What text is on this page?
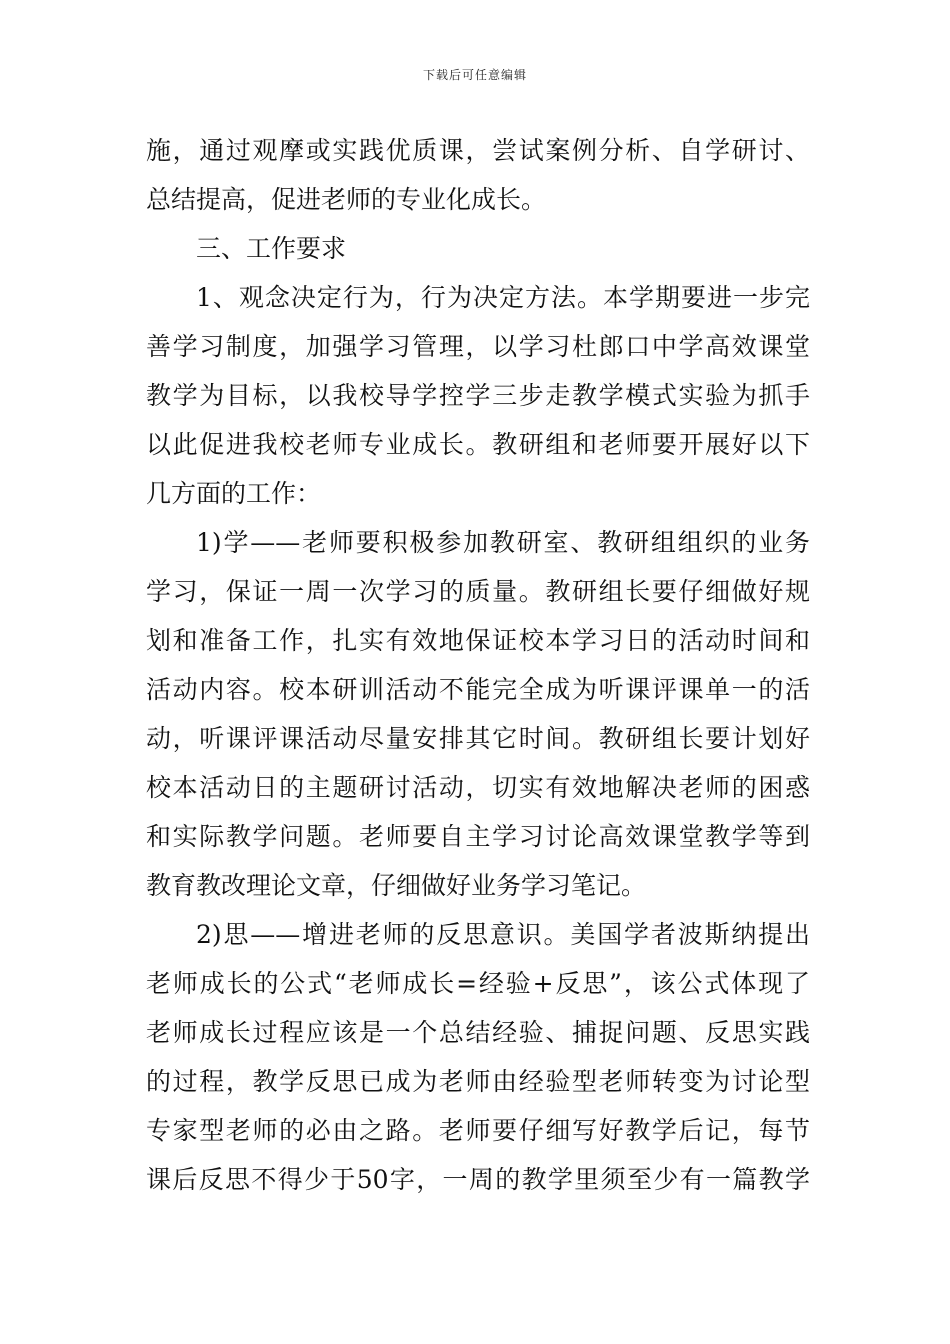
下载后可任意编辑
施，通过观摩或实践优质课，尝试案例分析、自学研讨、
总结提高，促进老师的专业化成长。
三、工作要求
1、观念决定行为，行为决定方法。本学期要进一步完
善学习制度，加强学习管理，以学习杜郎口中学高效课堂
教学为目标，以我校导学控学三步走教学模式实验为抓手
以此促进我校老师专业成长。教研组和老师要开展好以下
几方面的工作：
1)学——老师要积极参加教研室、教研组组织的业务
学习，保证一周一次学习的质量。教研组长要仔细做好规
划和准备工作，扎实有效地保证校本学习日的活动时间和
活动内容。校本研训活动不能完全成为听课评课单一的活
动，听课评课活动尽量安排其它时间。教研组长要计划好
校本活动日的主题研讨活动，切实有效地解决老师的困惑
和实际教学问题。老师要自主学习讨论高效课堂教学等到
教育教改理论文章，仔细做好业务学习笔记。
2)思——增进老师的反思意识。美国学者波斯纳提出
老师成长的公式“老师成长=经验+反思”，该公式体现了
老师成长过程应该是一个总结经验、捕捉问题、反思实践
的过程，教学反思已成为老师由经验型老师转变为讨论型
专家型老师的必由之路。老师要仔细写好教学后记，每节
课后反思不得少于50字，一周的教学里须至少有一篇教学
